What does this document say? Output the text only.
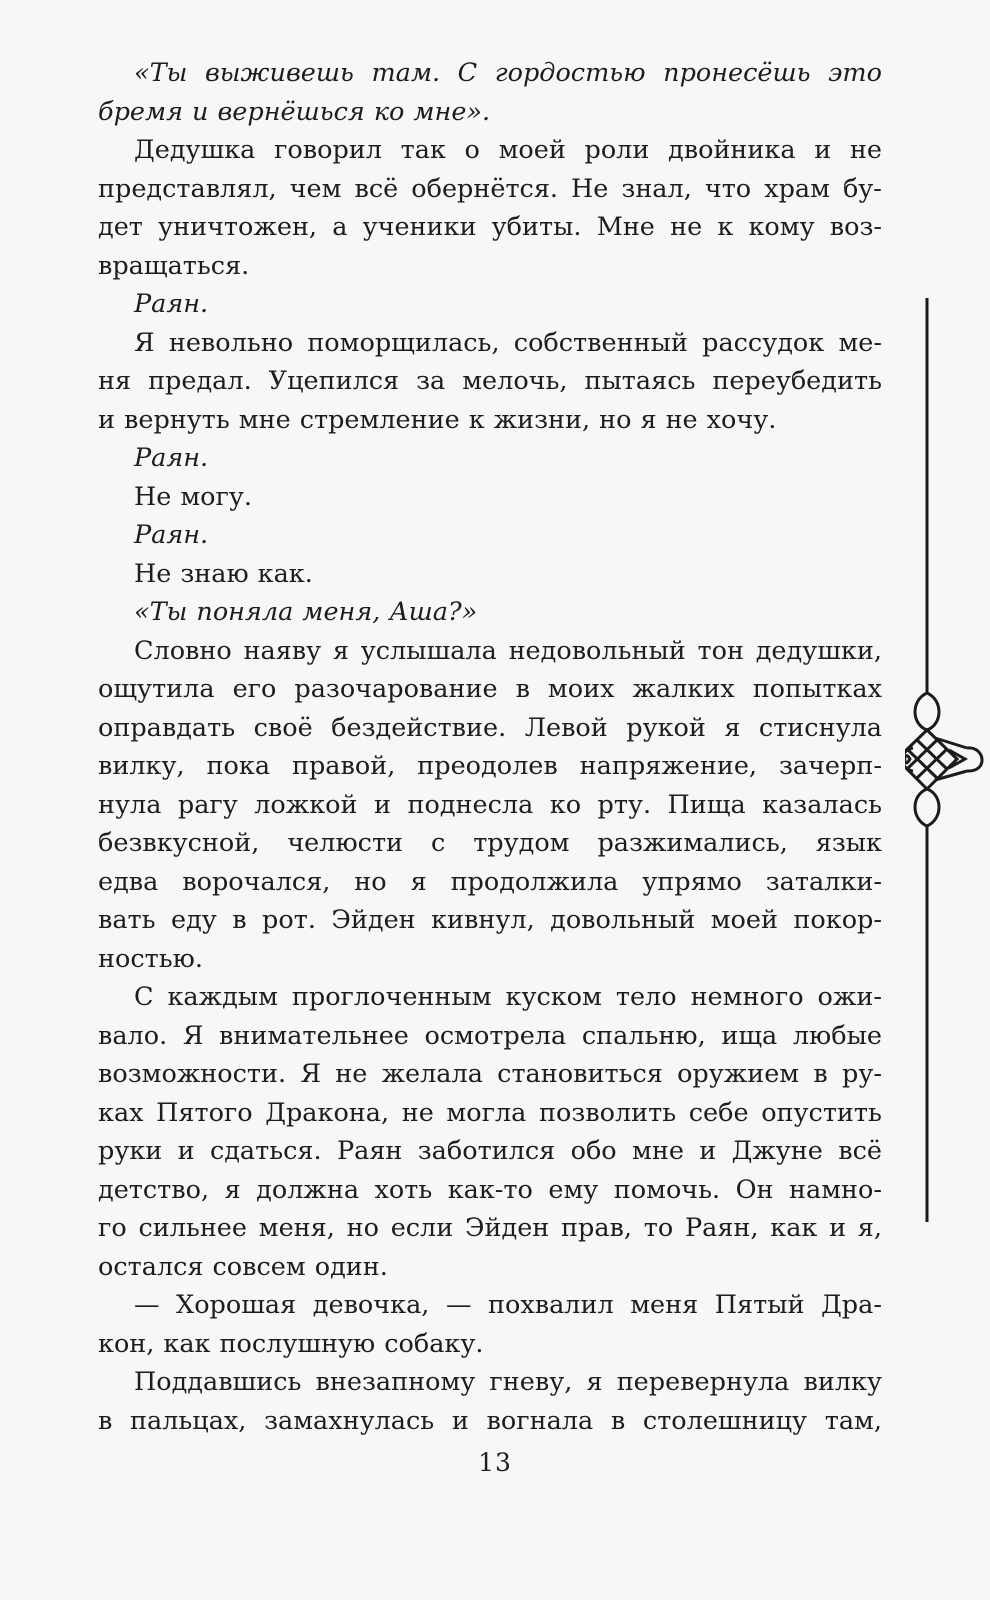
«Ты выживешь там. С гордостью пронесёшь это
бремя и вернёшься ко мне».
Дедушка говорил так о моей роли двойника и не
представлял, чем всё обернётся. Не знал, что храм бу-
дет уничтожен, а ученики убиты. Мне не к кому воз-
вращаться.
Раян.
Я невольно поморщилась, собственный рассудок ме-
ня предал. Уцепился за мелочь, пытаясь переубедить
и вернуть мне стремление к жизни, но я не хочу.
Раян.
Не могу.
Раян.
Не знаю как.
«Ты поняла меня, Аша?»
Словно наяву я услышала недовольный тон дедушки,
ощутила его разочарование в моих жалких попытках
оправдать своё бездействие. Левой рукой я стиснула
вилку, пока правой, преодолев напряжение, зачерп-
нула рагу ложкой и поднесла ко рту. Пища казалась
безвкусной, челюсти с трудом разжимались, язык
едва ворочался, но я продолжила упрямо заталки-
вать еду в рот. Эйден кивнул, довольный моей покор-
ностью.
С каждым проглоченным куском тело немного ожи-
вало. Я внимательнее осмотрела спальню, ища любые
возможности. Я не желала становиться оружием в ру-
ках Пятого Дракона, не могла позволить себе опустить
руки и сдаться. Раян заботился обо мне и Джуне всё
детство, я должна хоть как-то ему помочь. Он намно-
го сильнее меня, но если Эйден прав, то Раян, как и я,
остался совсем один.
— Хорошая девочка, — похвалил меня Пятый Дра-
кон, как послушную собаку.
Поддавшись внезапному гневу, я перевернула вилку
в пальцах, замахнулась и вогнала в столешницу там,
13
